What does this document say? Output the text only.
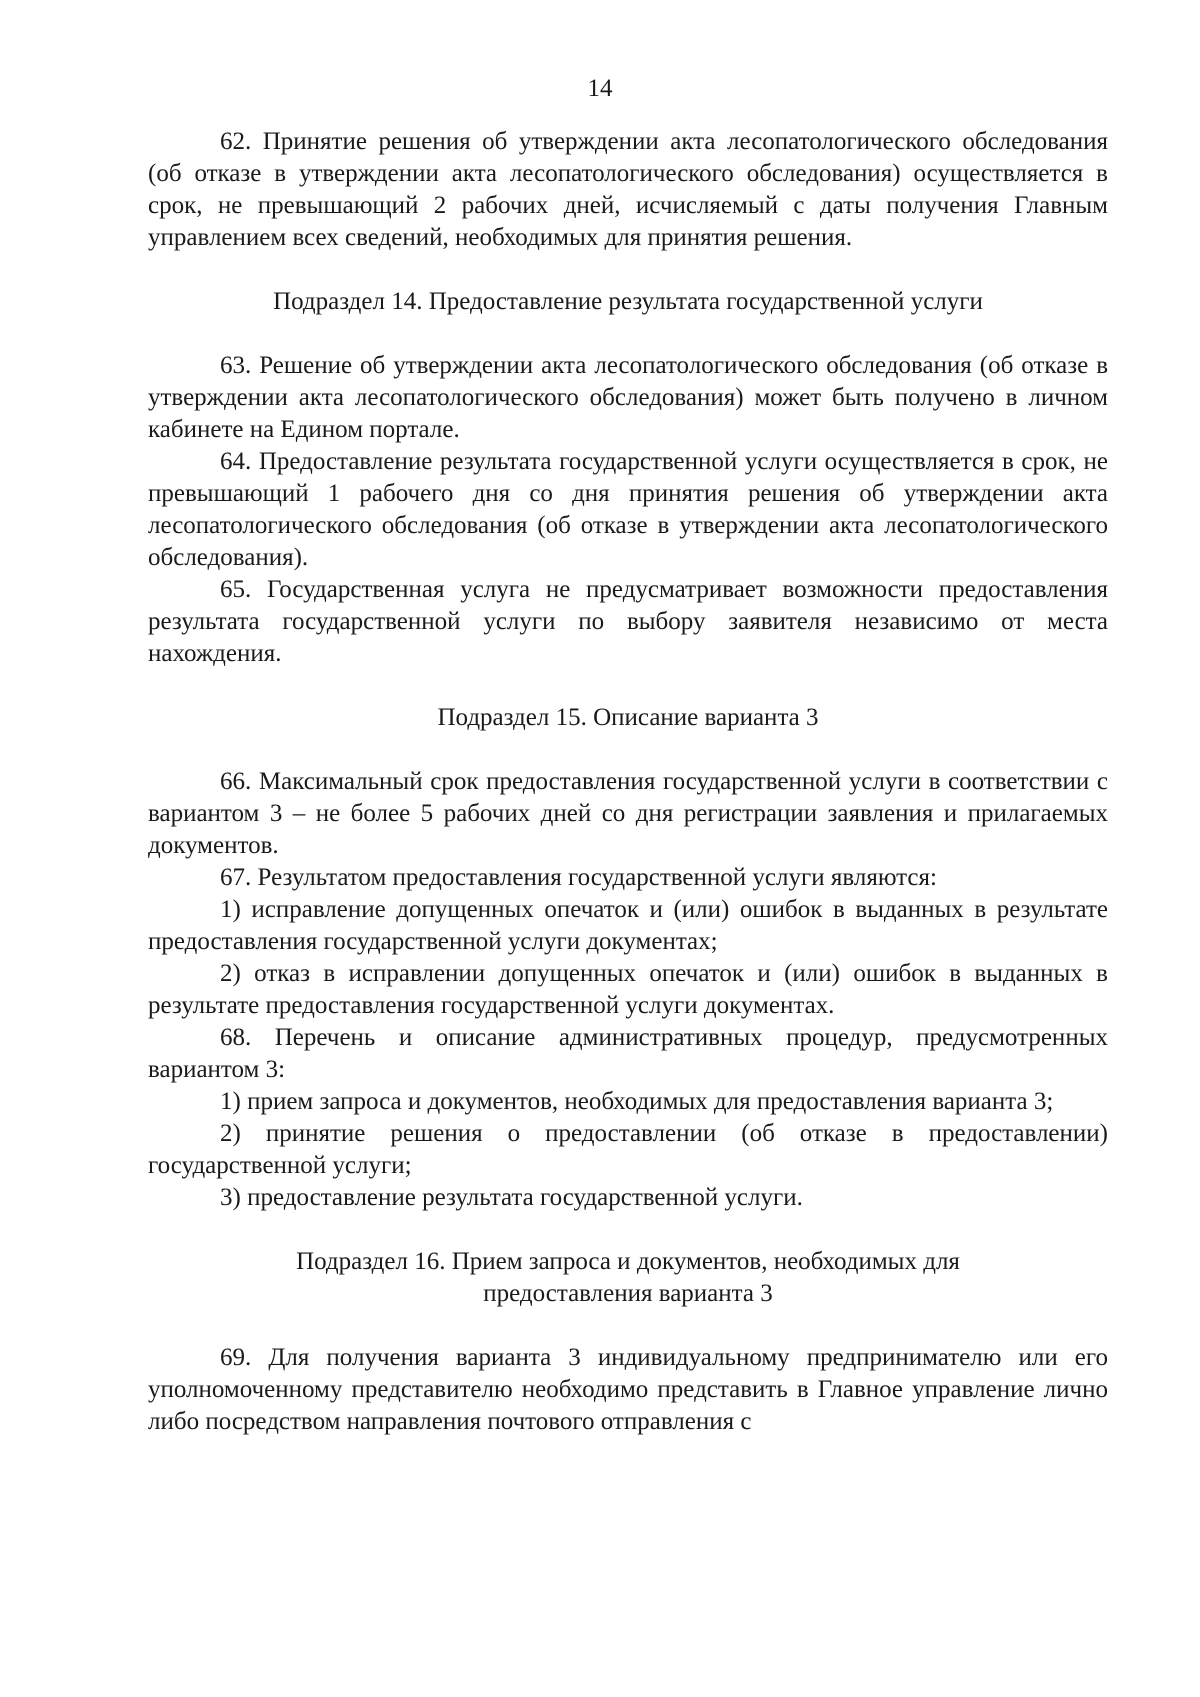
14

62. Принятие решения об утверждении акта лесопатологического обследования (об отказе в утверждении акта лесопатологического обследования) осуществляется в срок, не превышающий 2 рабочих дней, исчисляемый с даты получения Главным управлением всех сведений, необходимых для принятия решения.

Подраздел 14. Предоставление результата государственной услуги

63. Решение об утверждении акта лесопатологического обследования (об отказе в утверждении акта лесопатологического обследования) может быть получено в личном кабинете на Едином портале.

64. Предоставление результата государственной услуги осуществляется в срок, не превышающий 1 рабочего дня со дня принятия решения об утверждении акта лесопатологического обследования (об отказе в утверждении акта лесопатологического обследования).

65. Государственная услуга не предусматривает возможности предоставления результата государственной услуги по выбору заявителя независимо от места нахождения.

Подраздел 15. Описание варианта 3

66. Максимальный срок предоставления государственной услуги в соответствии с вариантом 3 – не более 5 рабочих дней со дня регистрации заявления и прилагаемых документов.

67. Результатом предоставления государственной услуги являются:

1) исправление допущенных опечаток и (или) ошибок в выданных в результате предоставления государственной услуги документах;

2) отказ в исправлении допущенных опечаток и (или) ошибок в выданных в результате предоставления государственной услуги документах.

68. Перечень и описание административных процедур, предусмотренных вариантом 3:

1) прием запроса и документов, необходимых для предоставления варианта 3;

2) принятие решения о предоставлении (об отказе в предоставлении) государственной услуги;

3) предоставление результата государственной услуги.

Подраздел 16. Прием запроса и документов, необходимых для

предоставления варианта 3

69. Для получения варианта 3 индивидуальному предпринимателю или его уполномоченному представителю необходимо представить в Главное управление лично либо посредством направления почтового отправления с
